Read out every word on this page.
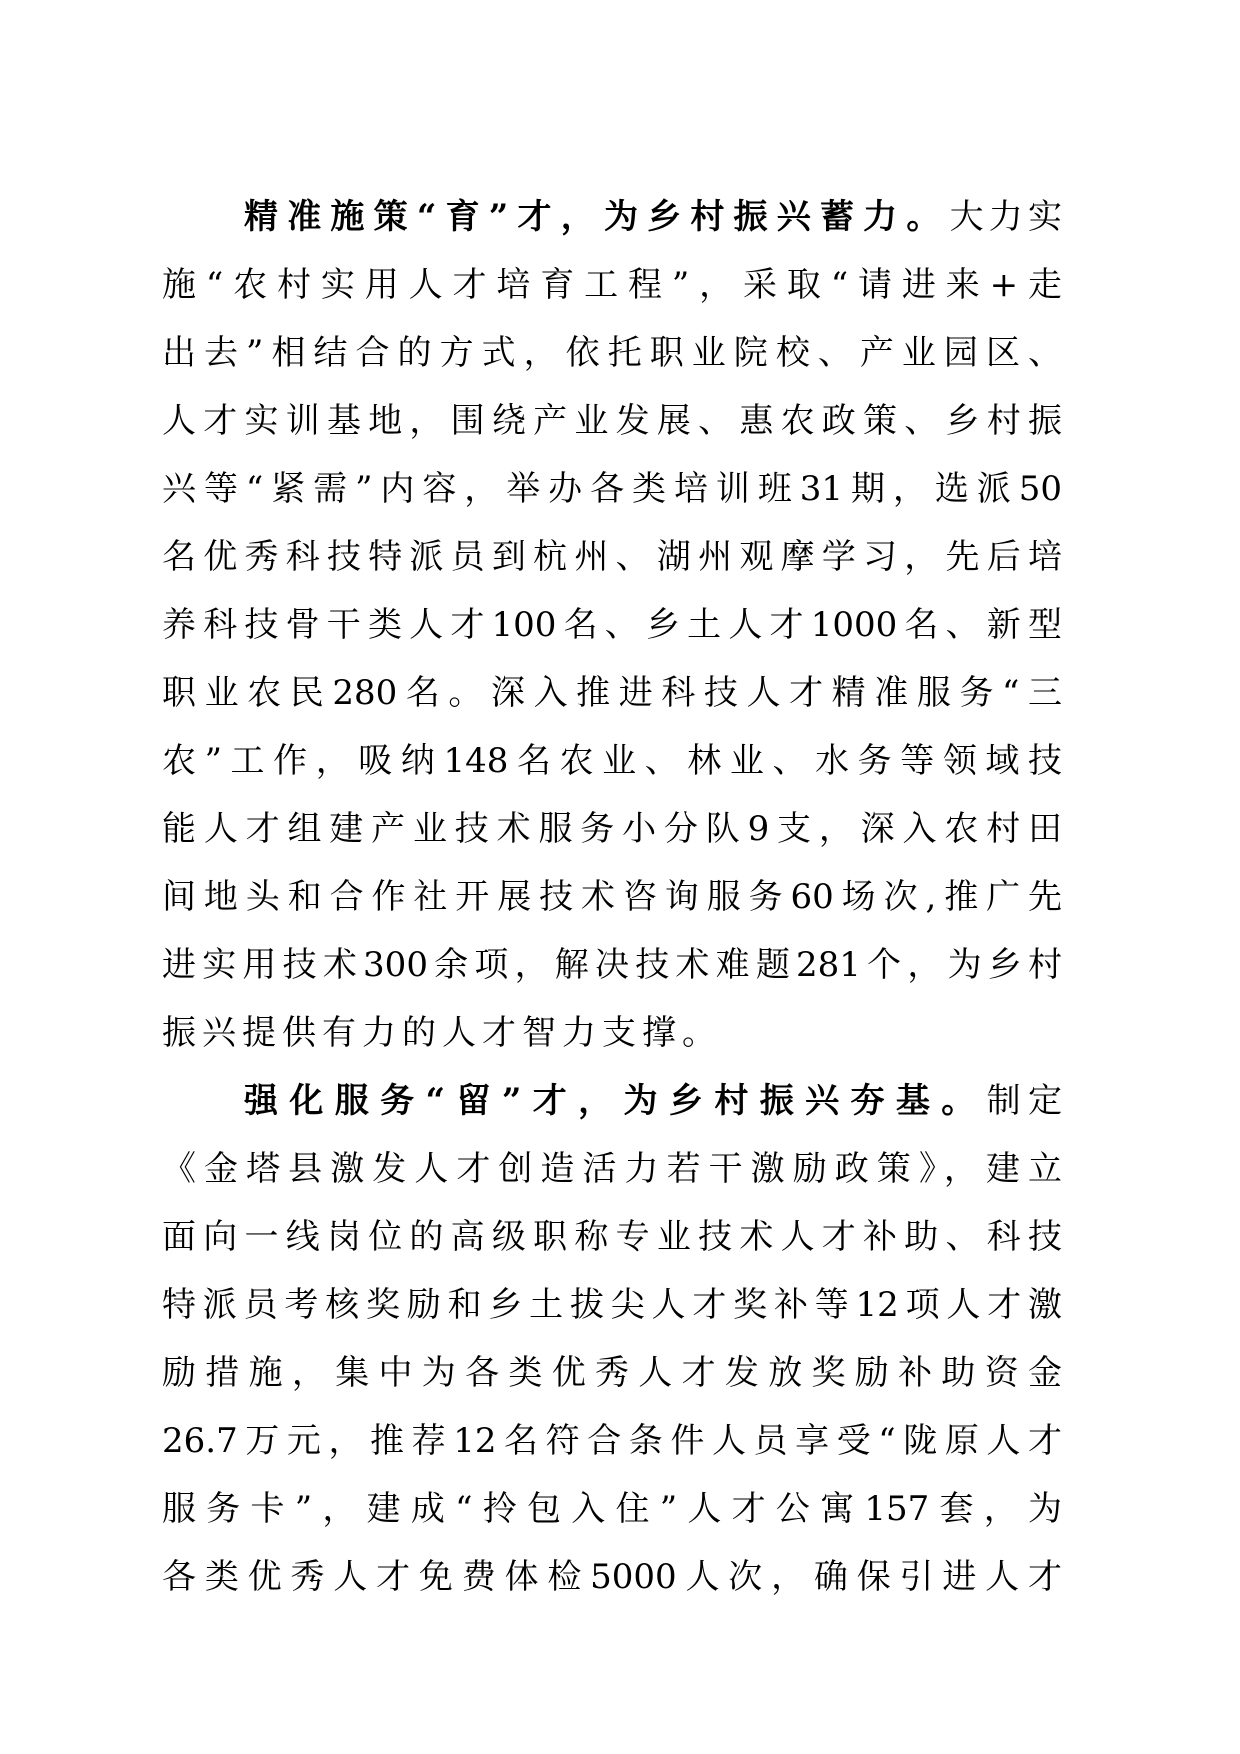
精准施策“育”才，为乡村振兴蓄力。大力实
施“农村实用人才培育工程”，采取“请进来+走
出去”相结合的方式，依托职业院校、产业园区、
人才实训基地，围绕产业发展、惠农政策、乡村振
兴等“紧需”内容，举办各类培训班31期，选派50
名优秀科技特派员到杭州、湖州观摩学习，先后培
养科技骨干类人才100名、乡土人才1000名、新型
职业农民280名。深入推进科技人才精准服务“三
农”工作，吸纳148名农业、林业、水务等领域技
能人才组建产业技术服务小分队9支，深入农村田
间地头和合作社开展技术咨询服务60场次,推广先
进实用技术300余项，解决技术难题281个，为乡村
振兴提供有力的人才智力支撑。
强化服务“留”才，为乡村振兴夯基。制定
《金塔县激发人才创造活力若干激励政策》，建立
面向一线岗位的高级职称专业技术人才补助、科技
特派员考核奖励和乡土拔尖人才奖补等12项人才激
励措施，集中为各类优秀人才发放奖励补助资金
26.7万元，推荐12名符合条件人员享受“陇原人才
服务卡”，建成“拎包入住”人才公寓157套，为
各类优秀人才免费体检5000人次，确保引进人才
